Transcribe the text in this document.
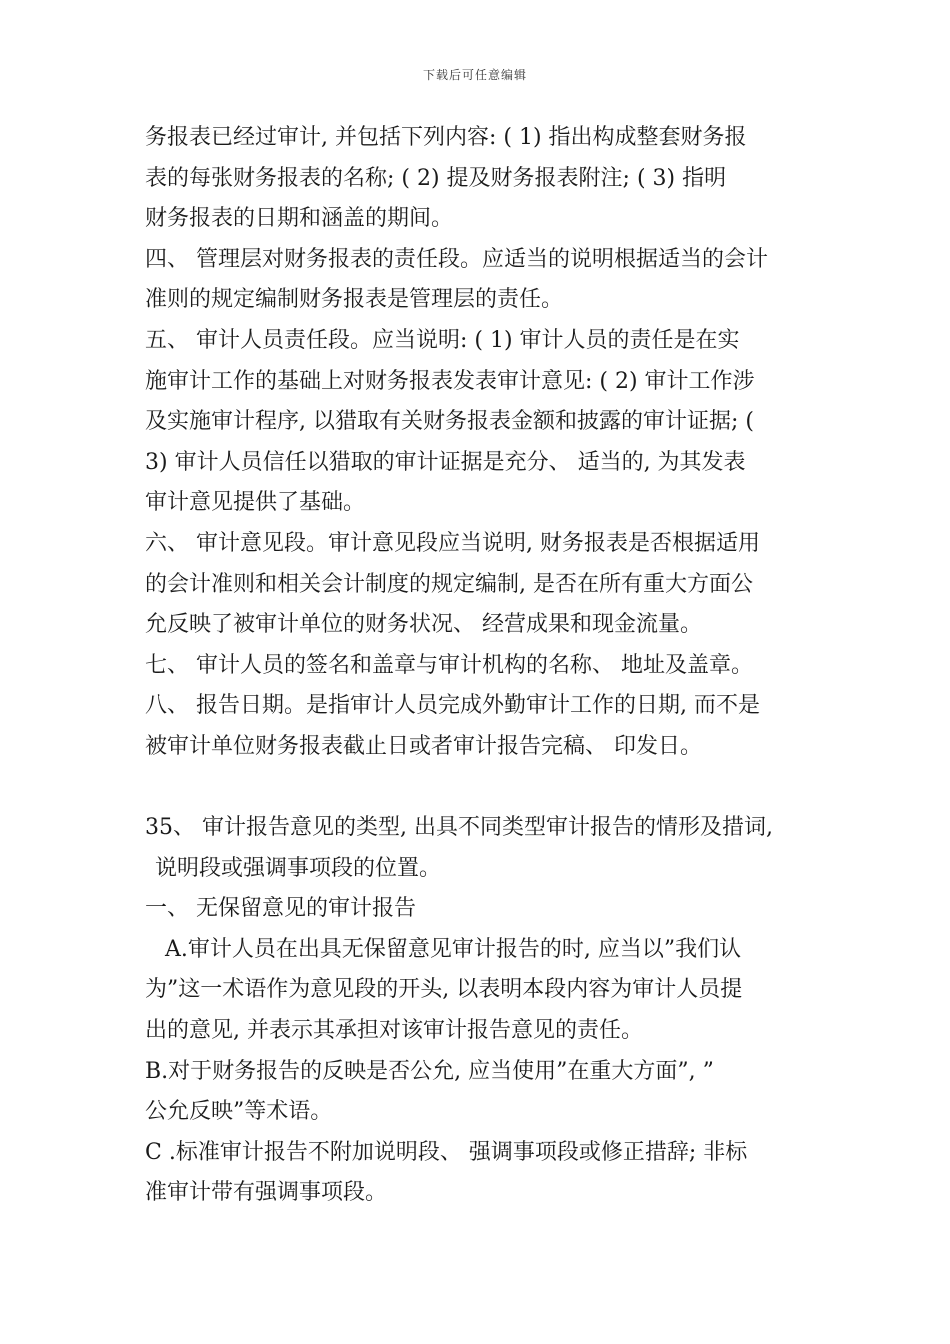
下载后可任意编辑
务报表已经过审计, 并包括下列内容: ( 1) 指出构成整套财务报
表的每张财务报表的名称; ( 2) 提及财务报表附注; ( 3) 指明
财务报表的日期和涵盖的期间。
四、 管理层对财务报表的责任段。应适当的说明根据适当的会计
准则的规定编制财务报表是管理层的责任。
五、 审计人员责任段。应当说明: ( 1) 审计人员的责任是在实
施审计工作的基础上对财务报表发表审计意见: ( 2) 审计工作涉
及实施审计程序, 以猎取有关财务报表金额和披露的审计证据; (
3) 审计人员信任以猎取的审计证据是充分、 适当的, 为其发表
审计意见提供了基础。
六、 审计意见段。审计意见段应当说明, 财务报表是否根据适用
的会计准则和相关会计制度的规定编制, 是否在所有重大方面公
允反映了被审计单位的财务状况、 经营成果和现金流量。
七、 审计人员的签名和盖章与审计机构的名称、 地址及盖章。
八、 报告日期。是指审计人员完成外勤审计工作的日期, 而不是
被审计单位财务报表截止日或者审计报告完稿、 印发日。
35、 审计报告意见的类型, 出具不同类型审计报告的情形及措词,
说明段或强调事项段的位置。
一、 无保留意见的审计报告
A.审计人员在出具无保留意见审计报告的时, 应当以”我们认
为”这一术语作为意见段的开头, 以表明本段内容为审计人员提
出的意见, 并表示其承担对该审计报告意见的责任。
B.对于财务报告的反映是否公允, 应当使用”在重大方面”, ”
公允反映”等术语。
C .标准审计报告不附加说明段、 强调事项段或修正措辞; 非标
准审计带有强调事项段。
